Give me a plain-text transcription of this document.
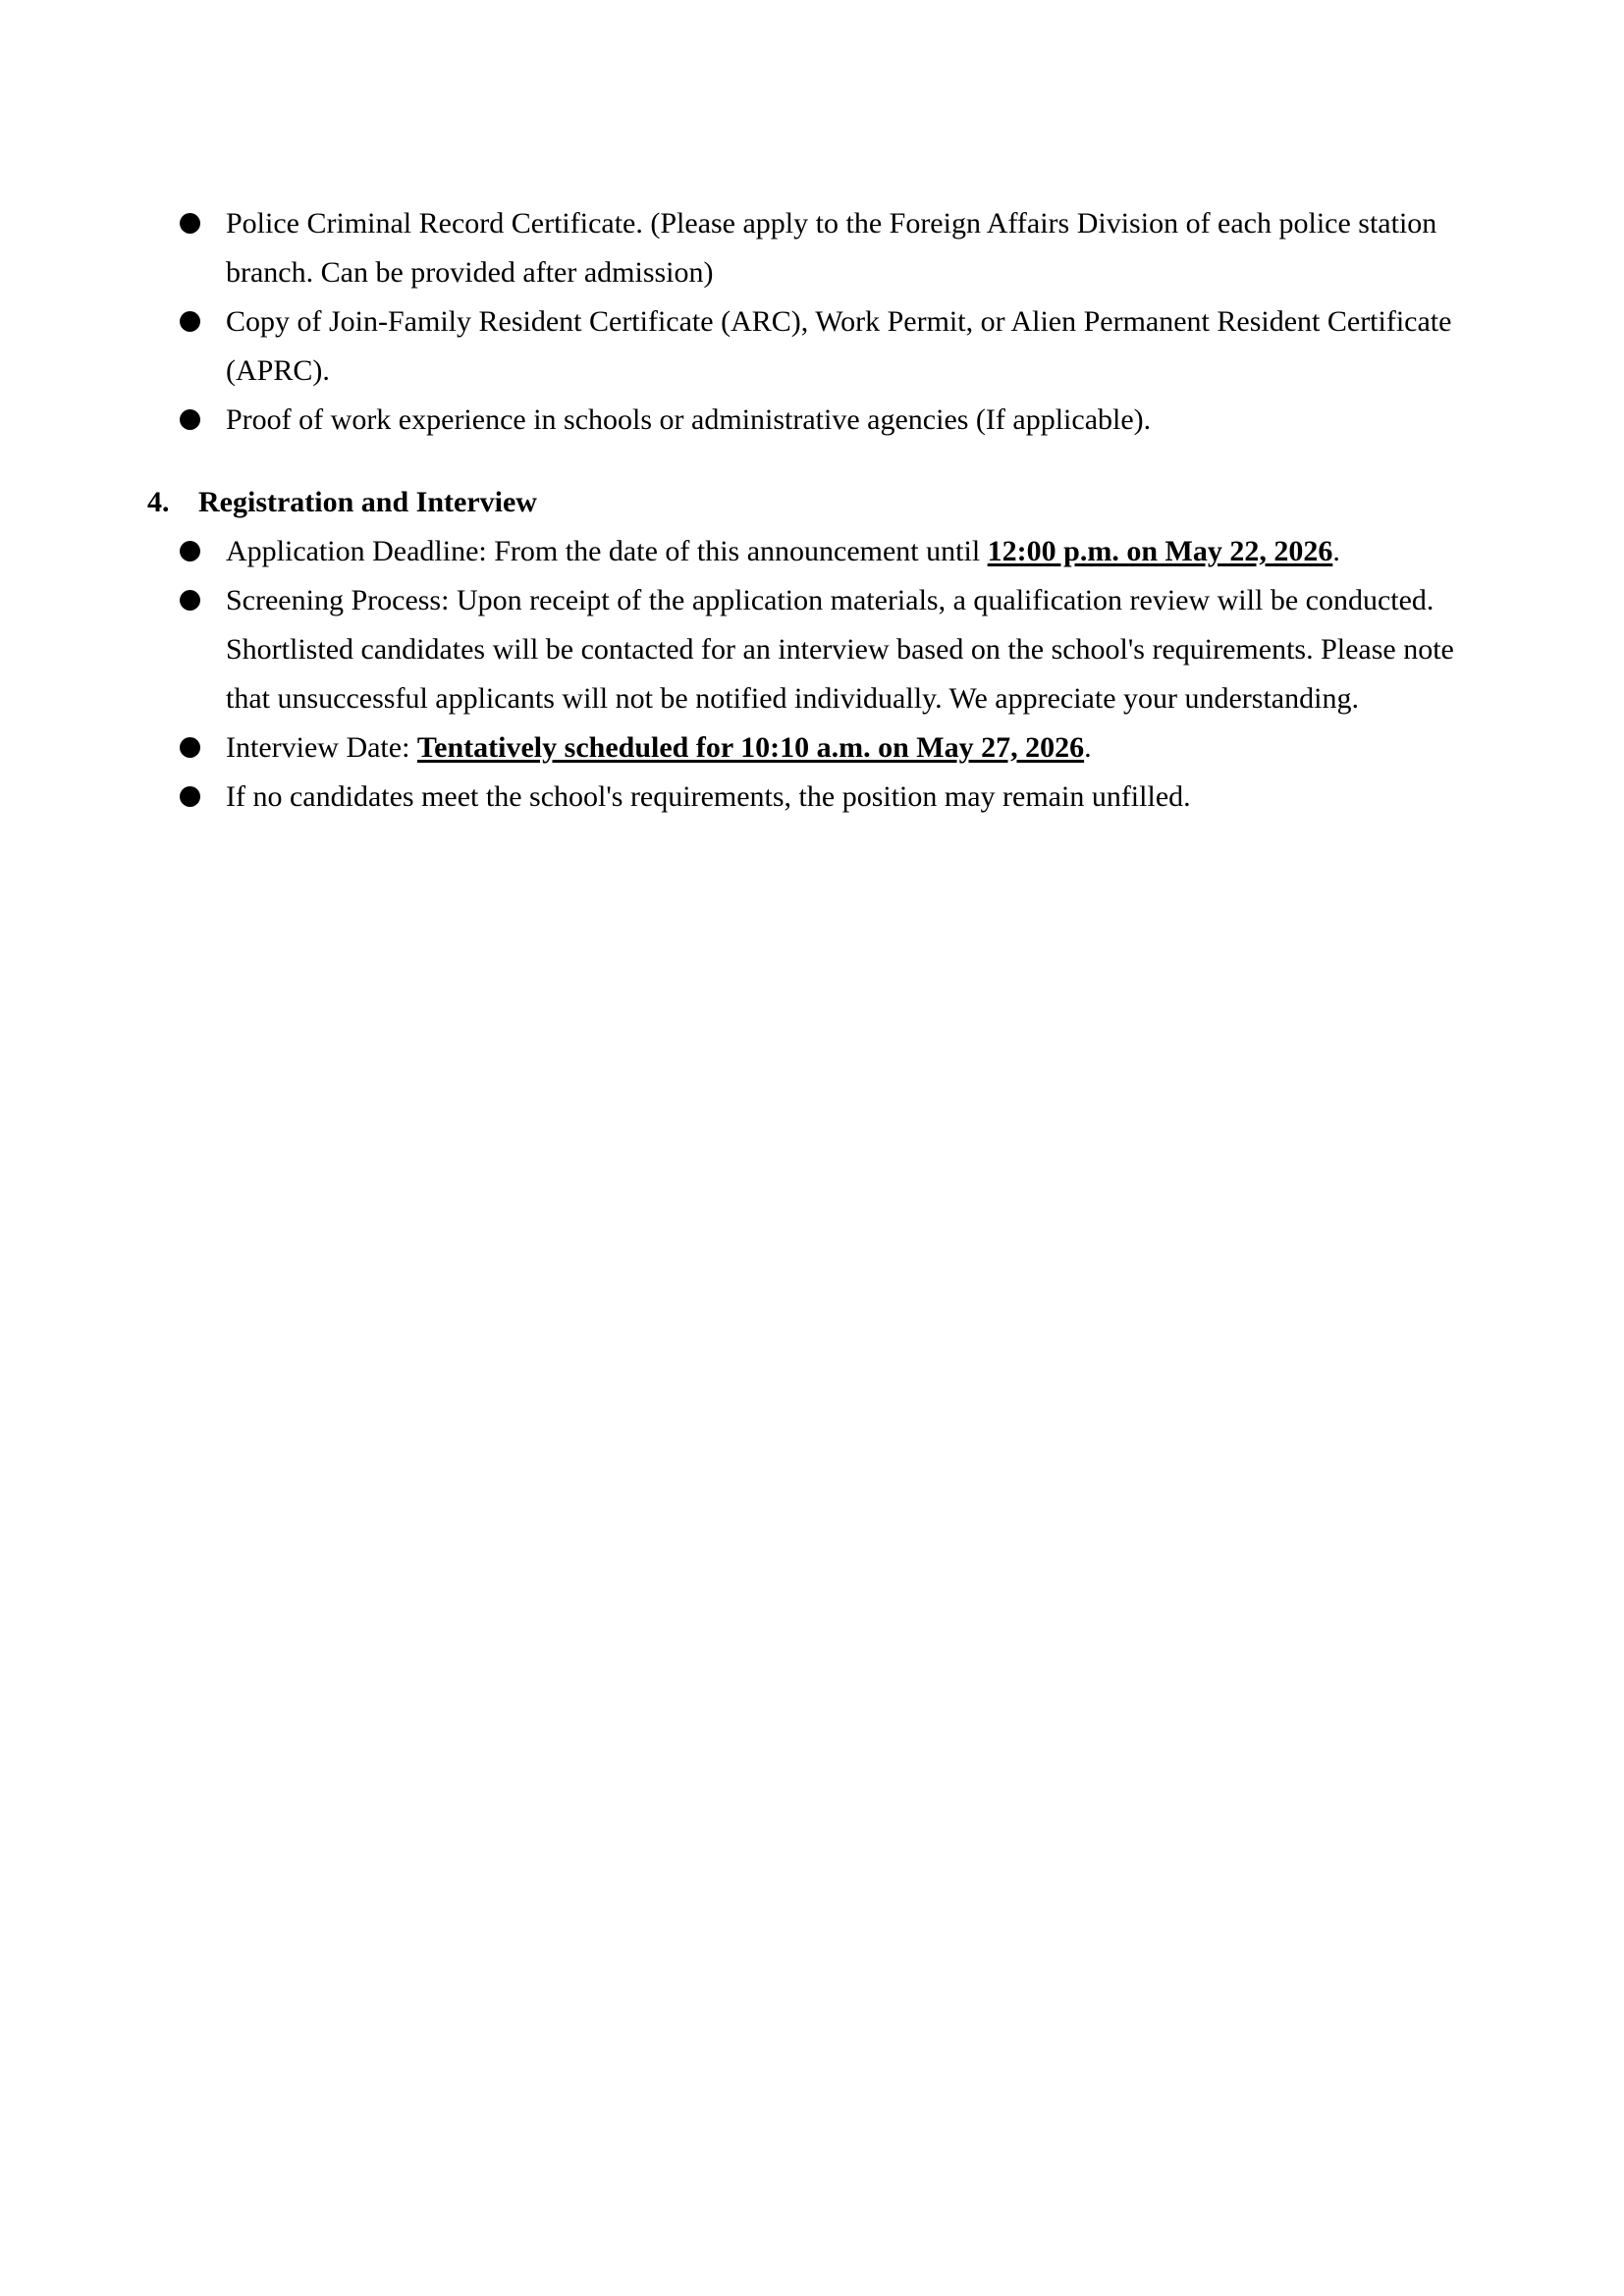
Police Criminal Record Certificate. (Please apply to the Foreign Affairs Division of each police station branch. Can be provided after admission)
Copy of Join-Family Resident Certificate (ARC), Work Permit, or Alien Permanent Resident Certificate (APRC).
Proof of work experience in schools or administrative agencies (If applicable).
4. Registration and Interview
Application Deadline: From the date of this announcement until 12:00 p.m. on May 22, 2026.
Screening Process: Upon receipt of the application materials, a qualification review will be conducted. Shortlisted candidates will be contacted for an interview based on the school's requirements. Please note that unsuccessful applicants will not be notified individually. We appreciate your understanding.
Interview Date: Tentatively scheduled for 10:10 a.m. on May 27, 2026.
If no candidates meet the school's requirements, the position may remain unfilled.
